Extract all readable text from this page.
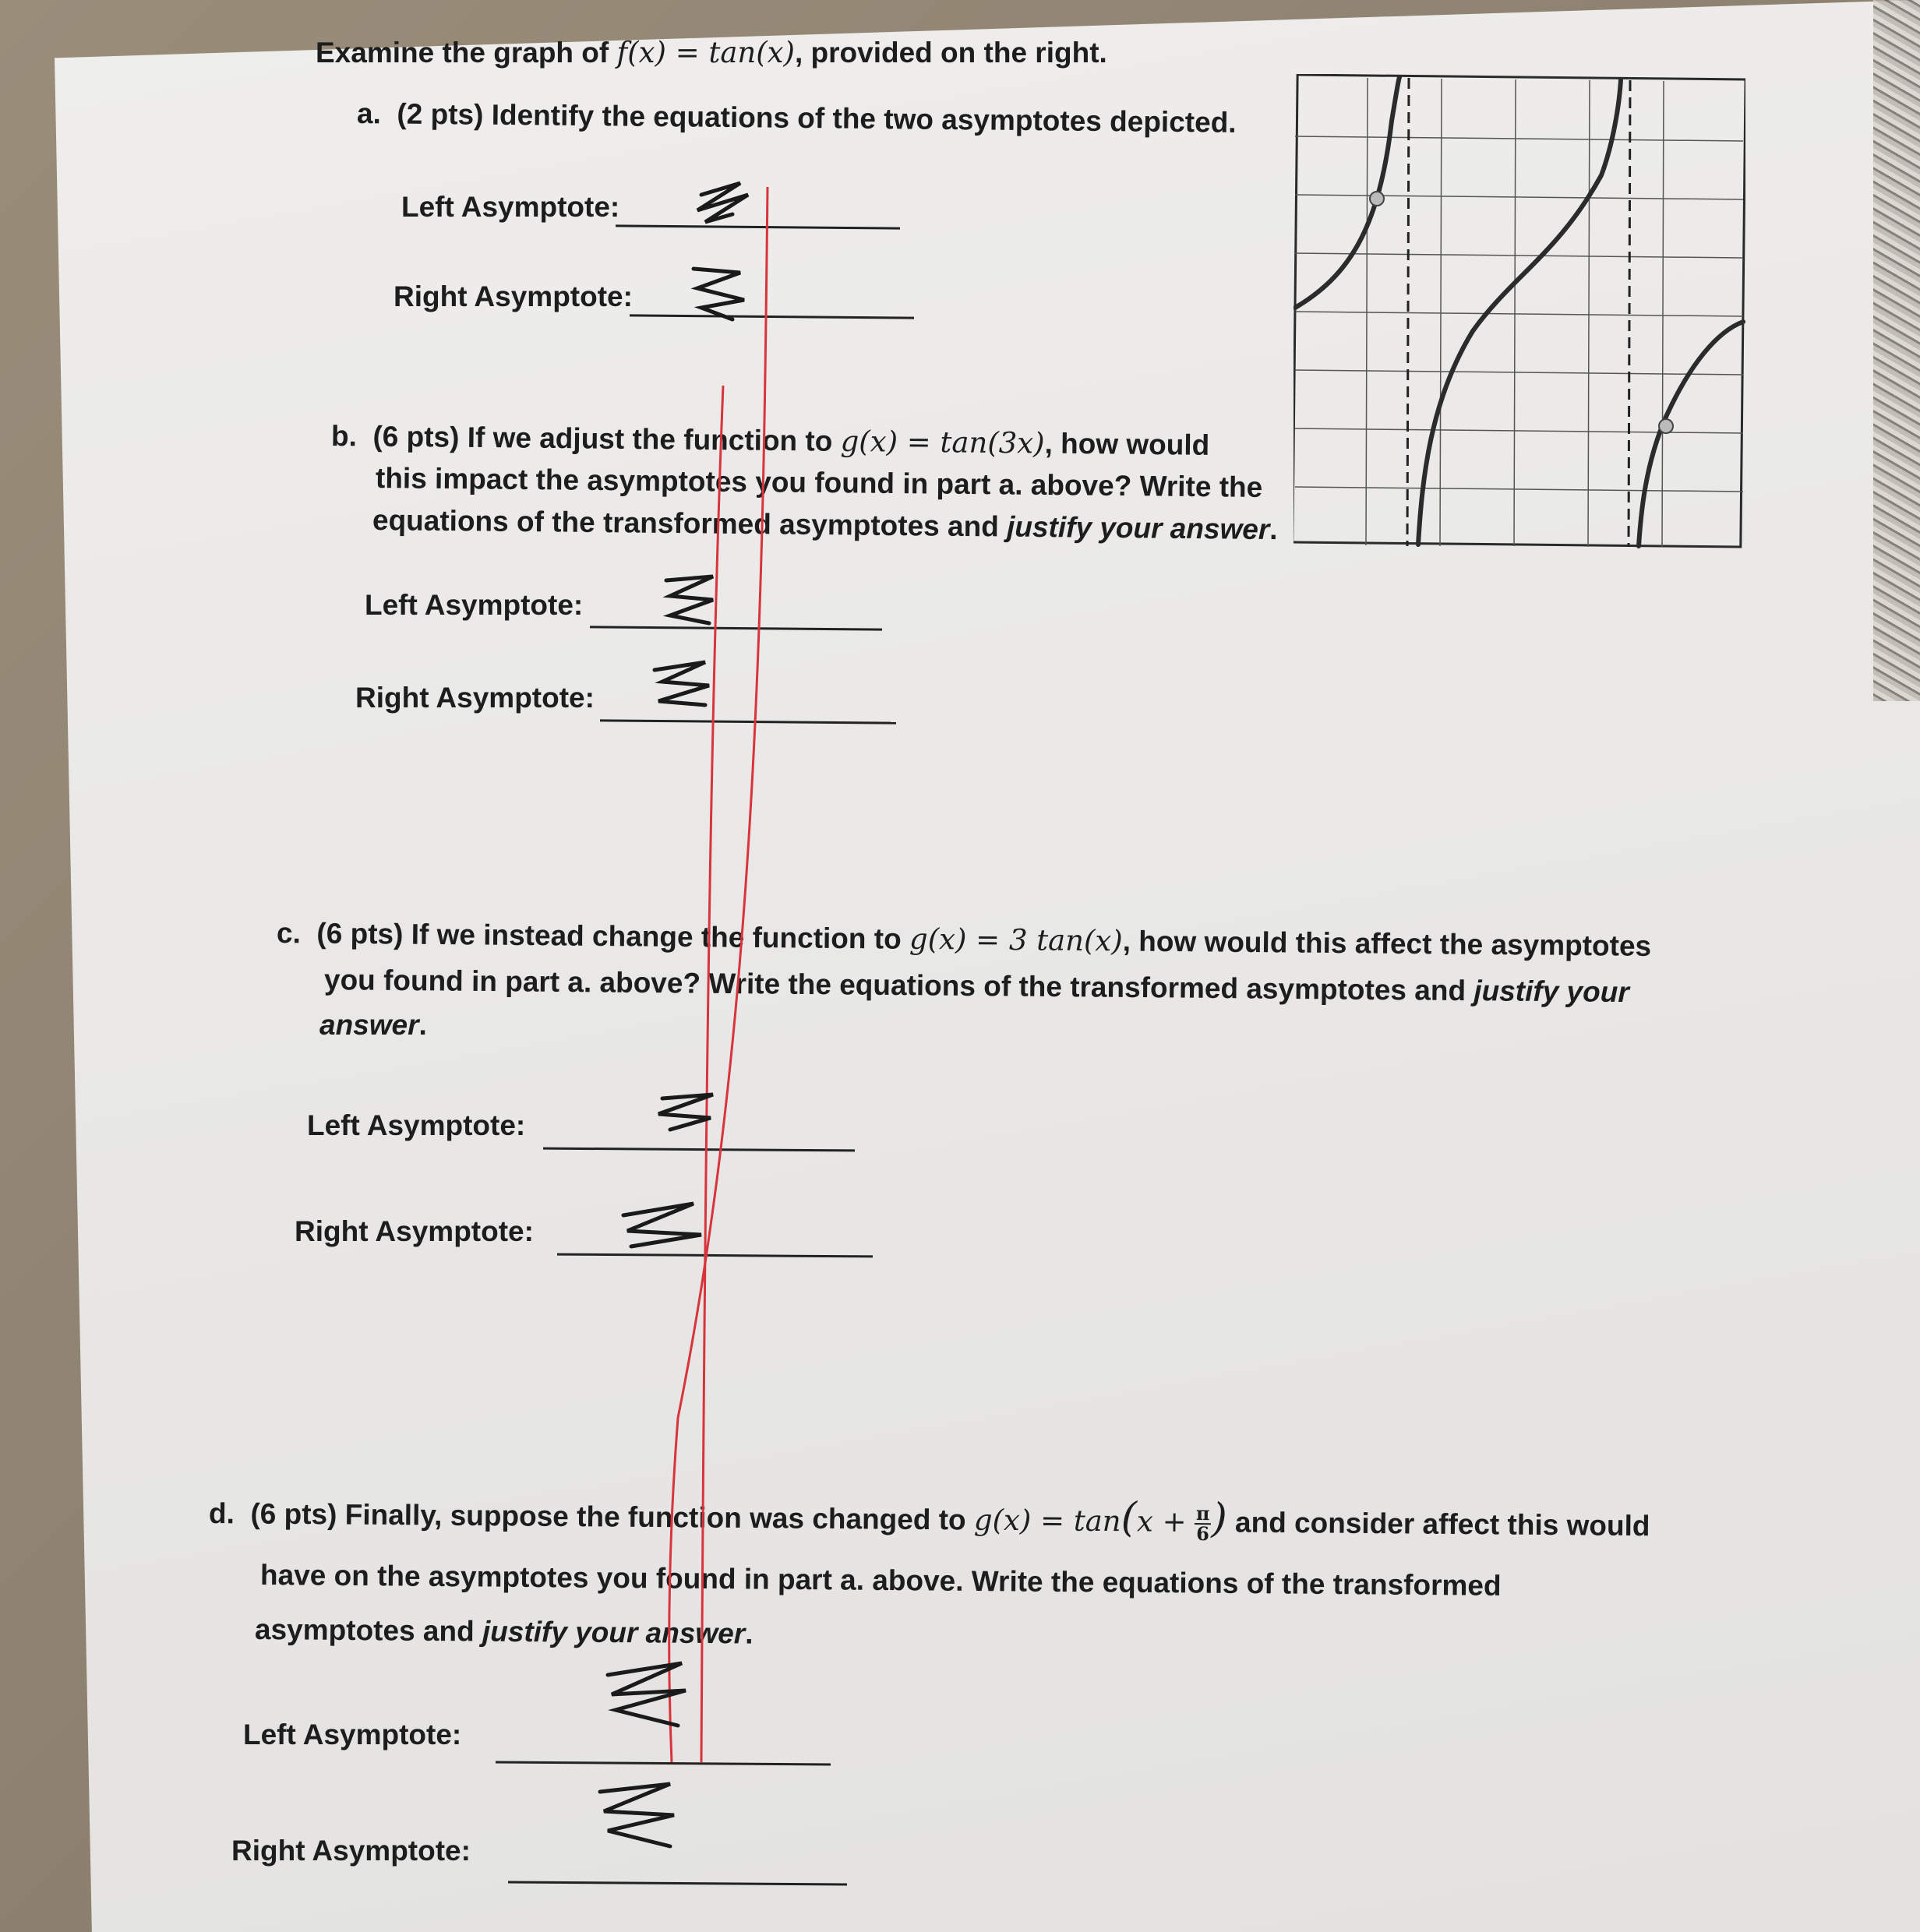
Examine the graph of f(x) = tan(x), provided on the right.
a. (2 pts) Identify the equations of the two asymptotes depicted.
Left Asymptote:
Right Asymptote:
b. (6 pts) If we adjust the function to g(x) = tan(3x), how would
this impact the asymptotes you found in part a. above? Write the
equations of the transformed asymptotes and justify your answer.
Left Asymptote:
Right Asymptote:
c. (6 pts) If we instead change the function to g(x) = 3 tan(x), how would this affect the asymptotes
you found in part a. above? Write the equations of the transformed asymptotes and justify your
answer.
Left Asymptote:
Right Asymptote:
d. (6 pts) Finally, suppose the function was changed to $g(x) = \tan(x + \frac{\pi}{6}$ ) and consider affect this would
have on the asymptotes you found in part a. above. Write the equations of the transformed
asymptotes and justify your answer.
Left Asymptote:
Right Asymptote:
